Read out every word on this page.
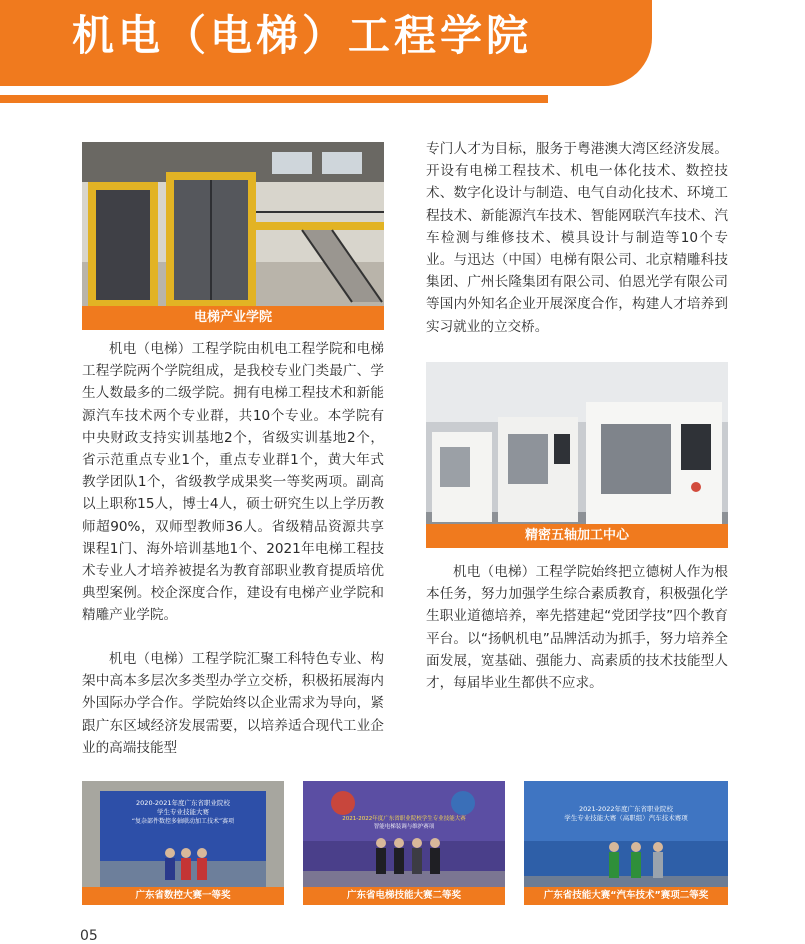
机电（电梯）工程学院
电梯产业学院
精密五轴加工中心

机电（电梯）工程学院由机电工程学院和电梯工程学院两个学院组成，是我校专业门类最广、学生人数最多的二级学院。拥有电梯工程技术和新能源汽车技术两个专业群，共10个专业。本学院有中央财政支持实训基地2个，省级实训基地2个，省示范重点专业1个，重点专业群1个，黄大年式教学团队1个，省级教学成果奖一等奖两项。副高以上职称15人，博士4人，硕士研究生以上学历教师超90%，双师型教师36人。省级精品资源共享课程1门、海外培训基地1个、2021年电梯工程技术专业人才培养被提名为教育部职业教育提质培优典型案例。校企深度合作，建设有电梯产业学院和精雕产业学院。

机电（电梯）工程学院汇聚工科特色专业、构架中高本多层次多类型办学立交桥，积极拓展海内外国际办学合作。学院始终以企业需求为导向，紧跟广东区域经济发展需要，以培养适合现代工业企业的高端技能型

专门人才为目标，服务于粤港澳大湾区经济发展。开设有电梯工程技术、机电一体化技术、数控技术、数字化设计与制造、电气自动化技术、环境工程技术、新能源汽车技术、智能网联汽车技术、汽车检测与维修技术、模具设计与制造等10个专业。与迅达（中国）电梯有限公司、北京精雕科技集团、广州长隆集团有限公司、伯恩光学有限公司等国内外知名企业开展深度合作，构建人才培养到实习就业的立交桥。

机电（电梯）工程学院始终把立德树人作为根本任务，努力加强学生综合素质教育，积极强化学生职业道德培养，率先搭建起“党团学技”四个教育平台。以“扬帆机电”品牌活动为抓手，努力培养全面发展，宽基础、强能力、高素质的技术技能型人才，每届毕业生都供不应求。

2020-2021年度广东省职业院校
学生专业技能大赛
“复杂部件数控多轴联动加工技术”赛项
广东省数控大赛一等奖
2021-2022年度广东省职业院校学生专业技能大赛
智能电梯装调与维护赛项
广东省电梯技能大赛二等奖
2021-2022年度广东省职业院校
学生专业技能大赛（高职组）汽车技术赛项
广东省技能大赛“汽车技术”赛项二等奖
05
